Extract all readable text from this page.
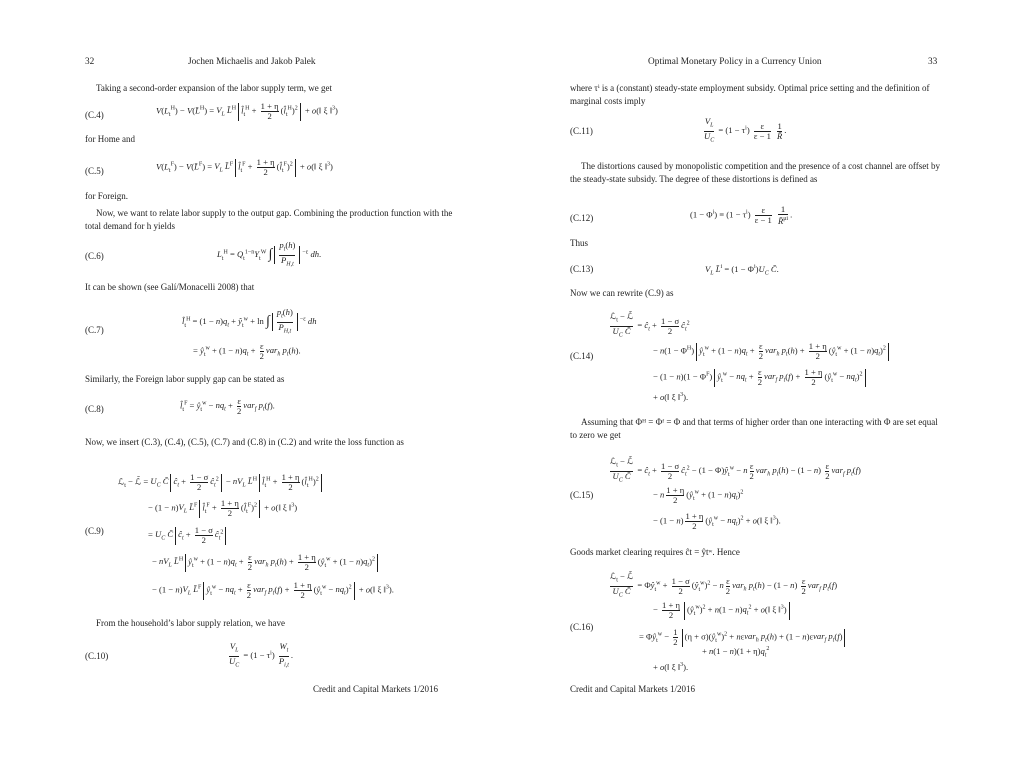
32	Jochen Michaelis and Jakob Palek
Taking a second-order expansion of the labor supply term, we get
(C.4)	$V(L_t^H)$ − V(L̄$^H$) = $V_L$ L̄$^H$ $l̂_t^H + \frac{1 + \eta}{2}$ $(l̂_t^H)^2$ + o(‖ ξ ‖$^3$)
for Home and
(C.5)	$V(L_t^F)$ − V(L̄$^F$) = $V_L$ L̄$^F$ $l̂_t^F + \frac{1 + \eta}{2}$ $(l̂_t^F)^2$ + o(‖ ξ ‖$^3$)
for Foreign.
Now, we want to relate labor supply to the output gap. Combining the production function with the total demand for h yields
(C.6)	$L_t^H = Q_t^{1-n}Y_t^W$ ∫ $\frac{p_t(h)}{P_{H,t}} ^{-\varepsilon}$ dh.
It can be shown (see Galí/Monacelli 2008) that
(C.7)
$l̂_t^H = (1 - n)q_t$ + $ŷ_t^w + \ln$ ∫ $\frac{p_t(h)}{P_{H,t}} ^{-\varepsilon}$ dh
= $ŷ_t^w + (1 - n)q_t + \frac{\varepsilon}{2} var_h$ $p_t(h)$.
Similarly, the Foreign labor supply gap can be stated as
(C.8)	$l̂_t^F$ = $ŷ_t^w - nq_t + \frac{\varepsilon}{2} var_f$ $p_t(f)$.
Now, we insert (C.3), (C.4), (C.5), (C.7) and (C.8) in (C.2) and write the loss function as
(C.9)
ℒ$_t$ − ℒ̄ = $U_C$ C̄ $ĉ_t + \frac{1 - \sigma}{2}$ $ĉ_t^2 - nV_L$ L̄$^H$ $l̂_t^H + \frac{1 + \eta}{2}$ $(l̂_t^H)^2$
− $(1 - n)V_L$ L̄$^F$ $l̂_t^F + \frac{1 + \eta}{2}$ $(l̂_t^F)^2$ + o(‖ ξ ‖$^3$)
= $U_C$ C̄ $ĉ_t + \frac{1 - \sigma}{2}$ $ĉ_t^2$
− $nV_L$ L̄$^H$ $ŷ_t^w + (1 - n)q_t + \frac{\varepsilon}{2} var_h$ $p_t(h) + \frac{1 + \eta}{2}$ $(ŷ_t^w + (1 - n)q_t)^2$
− $(1 - n)V_L$ L̄$^F$ $ŷ_t^w - nq_t + \frac{\varepsilon}{2} var_f$ $p_t(f) + \frac{1 + \eta}{2}$ $(ŷ_t^w - nq_t)^2$ + o(‖ ξ ‖$^3$).
From the household’s labor supply relation, we have
(C.10)	$\frac{V_L}{U_C} = (1 - \tau^i) \frac{W_t}{P_{i,t}}$ .
Credit and Capital Markets 1/2016
Optimal Monetary Policy in a Currency Union	33
where τⁱ is a (constant) steady-state employment subsidy. Optimal price setting and the definition of marginal costs imply
(C.11)	$\frac{V_L}{U_C} = (1 - \tau^i) \frac{\varepsilon}{\varepsilon - 1}$
$\frac{1}{R̄}$ .
The distortions caused by monopolistic competition and the presence of a cost channel are offset by the steady-state subsidy. The degree of these distortions is defined as
(C.12)	$(1 - \Phi^i) \equiv (1 - \tau^i) \frac{\varepsilon}{\varepsilon - 1}$
$\frac{1}{R̄^{\mu i}}$ .
Thus
(C.13)	$V_L$ L̄$^i$ = $(1 - \Phi^i)U_C$ C̄.
Now we can rewrite (C.9) as
(C.14)
$\frac{ℒ_t - ℒ̄}{U_C C̄}$ = $ĉ_t + \frac{1 - \sigma}{2}$ $ĉ_t^2$
− $n(1 - \Phi^H)$ $ŷ_t^w + (1 - n)q_t + \frac{\varepsilon}{2} var_h$ $p_t(h) + \frac{1 + \eta}{2}$ $(ŷ_t^w + (1 - n)q_t)^2$
− $(1 - n)(1 - \Phi^F)$ $ŷ_t^w - nq_t + \frac{\varepsilon}{2} var_f$ $p_t(f) + \frac{1 + \eta}{2}$ $(ŷ_t^w - nq_t)^2$
+ o(‖ ξ ‖$^3$).
Assuming that Φᴴ = Φᶠ = Φ and that terms of higher order than one interacting with Φ are set equal to zero we get
(C.15)
$\frac{ℒ_t - ℒ̄}{U_C C̄}$ = $ĉ_t + \frac{1 - \sigma}{2}$ $ĉ_t^2 - (1$ − $\Phi)ŷ_t^w - n \frac{\varepsilon}{2} var_h$ $p_t(h) - (1 - n) \frac{\varepsilon}{2} var_f$ $p_t(f)$
− n $\frac{1 + \eta}{2}$ $(ŷ_t^w + (1 - n)q_t)^2$
− $(1 - n) \frac{1 + \eta}{2}$ $(ŷ_t^w - nq_t)^2$ + o(‖ ξ ‖$^3$).
Goods market clearing requires ĉt = ŷtʷ. Hence
(C.16)
$\frac{ℒ_t - ℒ̄}{U_C C̄}$ = $\Phi ŷ_t^w + \frac{1 - \sigma}{2}$ $(ŷ_t^w)^2 - n \frac{\varepsilon}{2} var_h$ $p_t(h) - (1 - n) \frac{\varepsilon}{2} var_f$ $p_t(f)$
− $\frac{1 + \eta}{2}$ $(ŷ_t^w)^2 + n(1 - n)q_t^2$ + o(‖ ξ ‖$^3$)
= $\Phi ŷ_t^w - \frac{1}{2} (\eta$ + $\sigma)(ŷ_t^w)^2 + n\varepsilon var_h$ $p_t(h) + (1 - n)\varepsilon var_f$ $p_t(f)$
+ $n(1 - n)(1 + \eta)q_t^2$
+ o(‖ ξ ‖$^3$).
Credit and Capital Markets 1/2016
